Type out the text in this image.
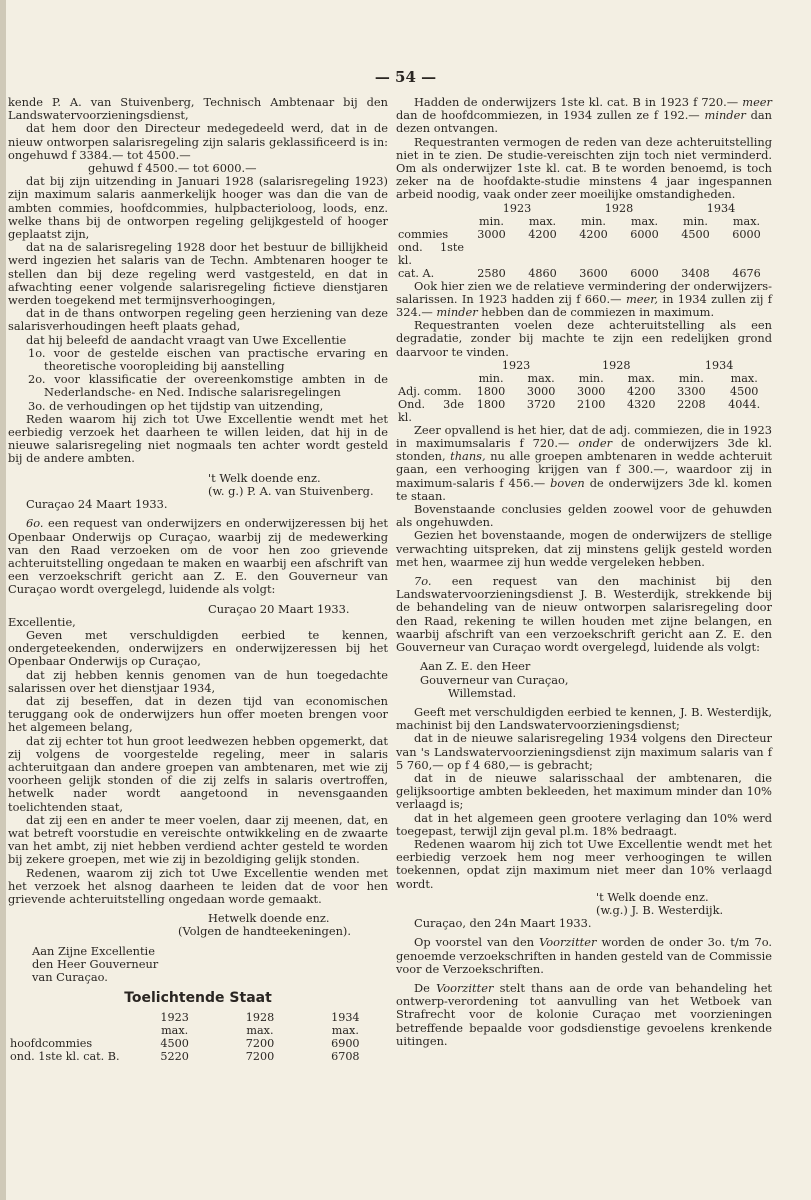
— 54 —

kende P. A. van Stuivenberg, Technisch Ambtenaar bij den Landswatervoorzieningsdienst,

dat hem door den Directeur medegedeeld werd, dat in de nieuw ontworpen salarisregeling zijn salaris geklassificeerd is in: ongehuwd f 3384.— tot 4500.—

gehuwd f 4500.— tot 6000.—

dat bij zijn uitzending in Januari 1928 (salarisregeling 1923) zijn maximum salaris aanmerkelijk hooger was dan die van de ambten commies, hoofdcommies, hulpbacterioloog, loods, enz. welke thans bij de ontworpen regeling gelijkgesteld of hooger geplaatst zijn,

dat na de salarisregeling 1928 door het bestuur de billijkheid werd ingezien het salaris van de Techn. Ambtenaren hooger te stellen dan bij deze regeling werd vastgesteld, en dat in afwachting eener volgende salarisregeling fictieve dienstjaren werden toegekend met termijnsverhoogingen,

dat in de thans ontworpen regeling geen herziening van deze salarisverhoudingen heeft plaats gehad,

dat hij beleefd de aandacht vraagt van Uwe Excellentie

1o. voor de gestelde eischen van practische ervaring en theoretische vooropleiding bij aanstelling

2o. voor klassificatie der overeenkomstige ambten in de Nederlandsche- en Ned. Indische salarisregelingen

3o. de verhoudingen op het tijdstip van uitzending,

Reden waarom hij zich tot Uwe Excellentie wendt met het eerbiedig verzoek het daarheen te willen leiden, dat hij in de nieuwe salarisregeling niet nogmaals ten achter wordt gesteld bij de andere ambten.

't Welk doende enz.

(w. g.) P. A. van Stuivenberg.

Curaçao 24 Maart 1933.

6o. een request van onderwijzers en onderwijzeressen bij het Openbaar Onderwijs op Curaçao, waarbij zij de medewerking van den Raad verzoeken om de voor hen zoo grievende achteruitstelling ongedaan te maken en waarbij een afschrift van een verzoekschrift gericht aan Z. E. den Gouverneur van Curaçao wordt overgelegd, luidende als volgt:

Curaçao 20 Maart 1933.

Excellentie,

Geven met verschuldigden eerbied te kennen, ondergeteekenden, onderwijzers en onderwijzeressen bij het Openbaar Onderwijs op Curaçao,

dat zij hebben kennis genomen van de hun toegedachte salarissen over het dienstjaar 1934,

dat zij beseffen, dat in dezen tijd van economischen teruggang ook de onderwijzers hun offer moeten brengen voor het algemeen belang,

dat zij echter tot hun groot leedwezen hebben opgemerkt, dat zij volgens de voorgestelde regeling, meer in salaris achteruitgaan dan andere groepen van ambtenaren, met wie zij voorheen gelijk stonden of die zij zelfs in salaris overtroffen, hetwelk nader wordt aangetoond in nevensgaanden toelichtenden staat,

dat zij een en ander te meer voelen, daar zij meenen, dat, en wat betreft voorstudie en vereischte ontwikkeling en de zwaarte van het ambt, zij niet hebben verdiend achter gesteld te worden bij zekere groepen, met wie zij in bezoldiging gelijk stonden.

Redenen, waarom zij zich tot Uwe Excellentie wenden met het verzoek het alsnog daarheen te leiden dat de voor hen grievende achteruitstelling ongedaan worde gemaakt.

Hetwelk doende enz.

(Volgen de handteekeningen).

Aan Zijne Excellentie

den Heer Gouverneur

van Curaçao.

Toelichtende Staat
	1923	1928	1934
	max.	max.	max.
hoofdcommies	4500	7200	6900
ond. 1ste kl. cat. B.	5220	7200	6708

Hadden de onderwijzers 1ste kl. cat. B in 1923 f 720.— meer dan de hoofdcommiezen, in 1934 zullen ze f 192.— minder dan dezen ontvangen.

Requestranten vermogen de reden van deze achteruitstelling niet in te zien. De studie-vereischten zijn toch niet verminderd. Om als onderwijzer 1ste kl. cat. B te worden benoemd, is toch zeker na de hoofdakte-studie minstens 4 jaar ingespannen arbeid noodig, vaak onder zeer moeilijke omstandigheden.

	1923		1928		1934	
	min.	max.	min.	max.	min.	max.
commies	3000	4200	4200	6000	4500	6000
ond. 1ste kl.						
cat. A.	2580	4860	3600	6000	3408	4676

Ook hier zien we de relatieve vermindering der onderwijzers-salarissen. In 1923 hadden zij f 660.— meer, in 1934 zullen zij f 324.— minder hebben dan de commiezen in maximum.

Requestranten voelen deze achteruitstelling als een degradatie, zonder bij machte te zijn een redelijken grond daarvoor te vinden.

	1923		1928		1934	
	min.	max.	min.	max.	min.	max.
Adj. comm.	1800	3000	3000	4200	3300	4500
Ond. 3de kl.	1800	3720	2100	4320	2208	4044.

Zeer opvallend is het hier, dat de adj. commiezen, die in 1923 in maximumsalaris f 720.— onder de onderwijzers 3de kl. stonden, thans, nu alle groepen ambtenaren in wedde achteruit gaan, een verhooging krijgen van f 300.—, waardoor zij in maximum-salaris f 456.— boven de onderwijzers 3de kl. komen te staan.

Bovenstaande conclusies gelden zoowel voor de gehuwden als ongehuwden.

Gezien het bovenstaande, mogen de onderwijzers de stellige verwachting uitspreken, dat zij minstens gelijk gesteld worden met hen, waarmee zij hun wedde vergeleken hebben.

7o. een request van den machinist bij den Landswatervoorzieningsdienst J. B. Westerdijk, strekkende bij de behandeling van de nieuw ontworpen salarisregeling door den Raad, rekening te willen houden met zijne belangen, en waarbij afschrift van een verzoekschrift gericht aan Z. E. den Gouverneur van Curaçao wordt overgelegd, luidende als volgt:

Aan Z. E. den Heer

Gouverneur van Curaçao,

Willemstad.

Geeft met verschuldigden eerbied te kennen, J. B. Westerdijk, machinist bij den Landswatervoorzieningsdienst;

dat in de nieuwe salarisregeling 1934 volgens den Directeur van 's Landswatervoorzieningsdienst zijn maximum salaris van f 5 760,— op f 4 680,— is gebracht;

dat in de nieuwe salarisschaal der ambtenaren, die gelijksoortige ambten bekleeden, het maximum minder dan 10% verlaagd is;

dat in het algemeen geen grootere verlaging dan 10% werd toegepast, terwijl zijn geval pl.m. 18% bedraagt.

Redenen waarom hij zich tot Uwe Excellentie wendt met het eerbiedig verzoek hem nog meer verhoogingen te willen toekennen, opdat zijn maximum niet meer dan 10% verlaagd wordt.

't Welk doende enz.

(w.g.) J. B. Westerdijk.

Curaçao, den 24n Maart 1933.

Op voorstel van den Voorzitter worden de onder 3o. t/m 7o. genoemde verzoekschriften in handen gesteld van de Commissie voor de Verzoekschriften.

De Voorzitter stelt thans aan de orde van behandeling het ontwerp-verordening tot aanvulling van het Wetboek van Strafrecht voor de kolonie Curaçao met voorzieningen betreffende bepaalde voor godsdienstige gevoelens krenkende uitingen.
